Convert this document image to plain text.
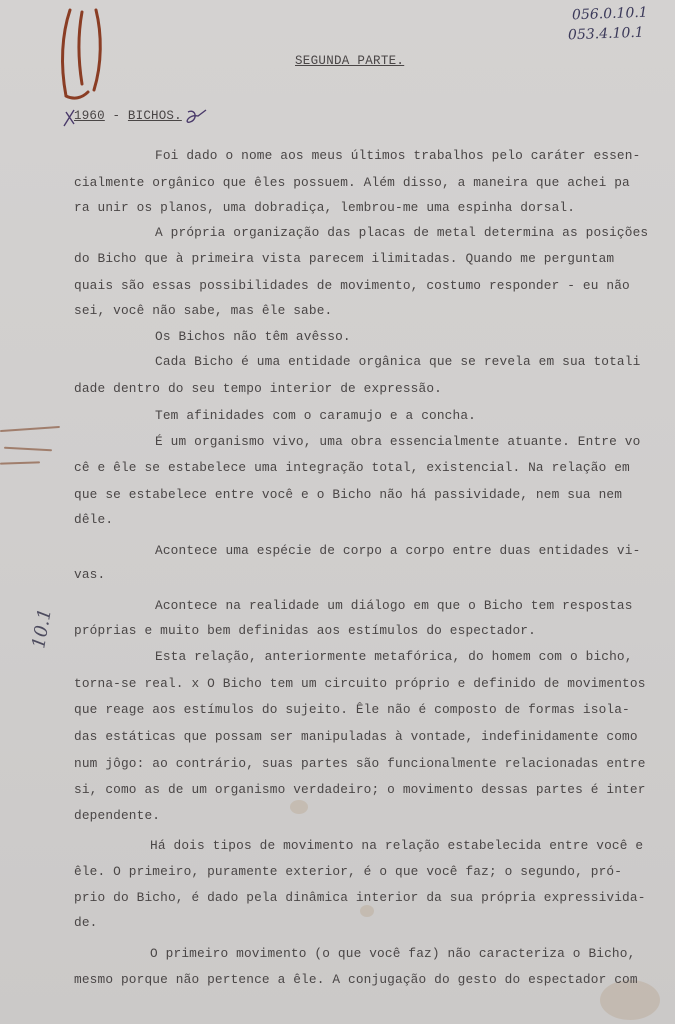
056.0.10.1
053.4.10.1
10.1
SEGUNDA PARTE.
1960 - BICHOS.
Foi dado o nome aos meus últimos trabalhos pelo caráter essen-
cialmente orgânico que êles possuem. Além disso, a maneira que achei pa
ra unir os planos, uma dobradiça, lembrou-me uma espinha dorsal.
A própria organização das placas de metal determina as posições
do Bicho que à primeira vista parecem ilimitadas. Quando me perguntam
quais são essas possibilidades de movimento, costumo responder - eu não
sei, você não sabe, mas êle sabe.
Os Bichos não têm avêsso.
Cada Bicho é uma entidade orgânica que se revela em sua totali
dade dentro do seu tempo interior de expressão.
Tem afinidades com o caramujo e a concha.
É um organismo vivo, uma obra essencialmente atuante. Entre vo
cê e êle se estabelece uma integração total, existencial. Na relação em
que se estabelece entre você e o Bicho não há passividade, nem sua nem
dêle.
Acontece uma espécie de corpo a corpo entre duas entidades vi-
vas.
Acontece na realidade um diálogo em que o Bicho tem respostas
próprias e muito bem definidas aos estímulos do espectador.
Esta relação, anteriormente metafórica, do homem com o bicho,
torna-se real. x O Bicho tem um circuito próprio e definido de movimentos
que reage aos estímulos do sujeito. Êle não é composto de formas isola-
das estáticas que possam ser manipuladas à vontade, indefinidamente como
num jôgo: ao contrário, suas partes são funcionalmente relacionadas entre
si, como as de um organismo verdadeiro; o movimento dessas partes é inter
dependente.
Há dois tipos de movimento na relação estabelecida entre você e
êle. O primeiro, puramente exterior, é o que você faz; o segundo, pró-
prio do Bicho, é dado pela dinâmica interior da sua própria expressivida-
de.
O primeiro movimento (o que você faz) não caracteriza o Bicho,
mesmo porque não pertence a êle. A conjugação do gesto do espectador com
